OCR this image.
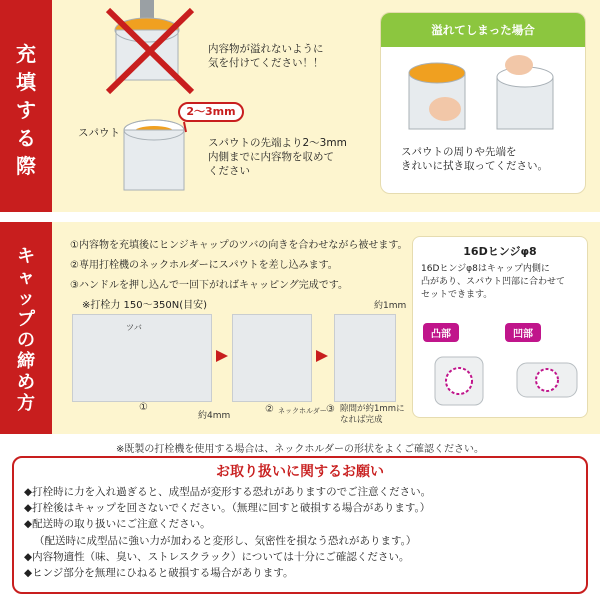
充
填
す
る
際
内容物が溢れないように
気を付けてください！！
2～3mm
スパウト
スパウトの先端より2～3mm
内側までに内容物を収めて
ください
溢れてしまった場合
スパウトの周りや先端を
きれいに拭き取ってください。
キ
ャ
ッ
プ
の
締
め
方
①内容物を充填後にヒンジキャップのツバの向きを合わせながら被せます。
②専用打栓機のネックホルダーにスパウトを差し込みます。
③ハンドルを押し込んで一回下がればキャッピング完成です。
※打栓力 150～350N(目安)
ツバ
①
約4mm
② ネックホルダー
約1mm
③ 隙間が約1mmに
なれば完成
16Dヒンジφ8
16Dヒンジφ8はキャップ内側に
凸があり、スパウト凹部に合わせて
セットできます。
凸部	凹部
※既製の打栓機を使用する場合は、ネックホルダーの形状をよくご確認ください。
お取り扱いに関するお願い
◆打栓時に力を入れ過ぎると、成型品が変形する恐れがありますのでご注意ください。
◆打栓後はキャップを回さないでください。（無理に回すと破損する場合があります。）
◆配送時の取り扱いにご注意ください。
（配送時に成型品に強い力が加わると変形し、気密性を損なう恐れがあります。）
◆内容物適性（味、臭い、ストレスクラック）については十分にご確認ください。
◆ヒンジ部分を無理にひねると破損する場合があります。
